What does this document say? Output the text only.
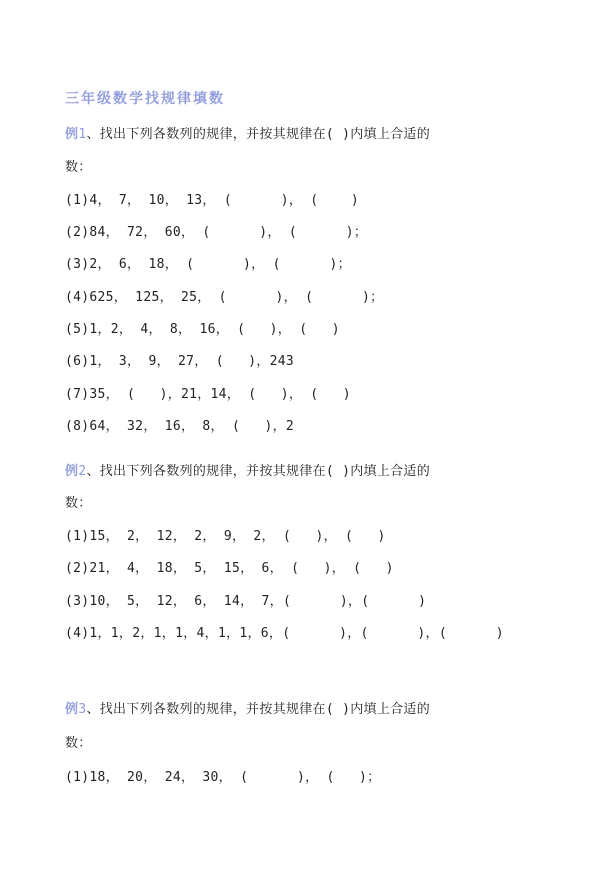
三年级数学找规律填数
例1、找出下列各数列的规律，并按其规律在( )内填上合适的
数：
(1)4， 7， 10， 13， (      )， (    )
(2)84， 72， 60， (      )， (      )；
(3)2， 6， 18， (      )， (      )；
(4)625， 125， 25， (      )， (      )；
(5)1，2， 4， 8， 16， (   )， (   )
(6)1， 3， 9， 27， (   )，243
(7)35， (   )，21，14， (   )， (   )
(8)64， 32， 16， 8， (   )，2
例2、找出下列各数列的规律，并按其规律在( )内填上合适的
数：
(1)15， 2， 12， 2， 9， 2， (   )， (   )
(2)21， 4， 18， 5， 15， 6， (   )， (   )
(3)10， 5， 12， 6， 14， 7，(      )，(      )
(4)1，1，2，1，1，4，1，1，6，(      )，(      )，(      )
例3、找出下列各数列的规律，并按其规律在( )内填上合适的
数：
(1)18， 20， 24， 30， (      )， (   )；
